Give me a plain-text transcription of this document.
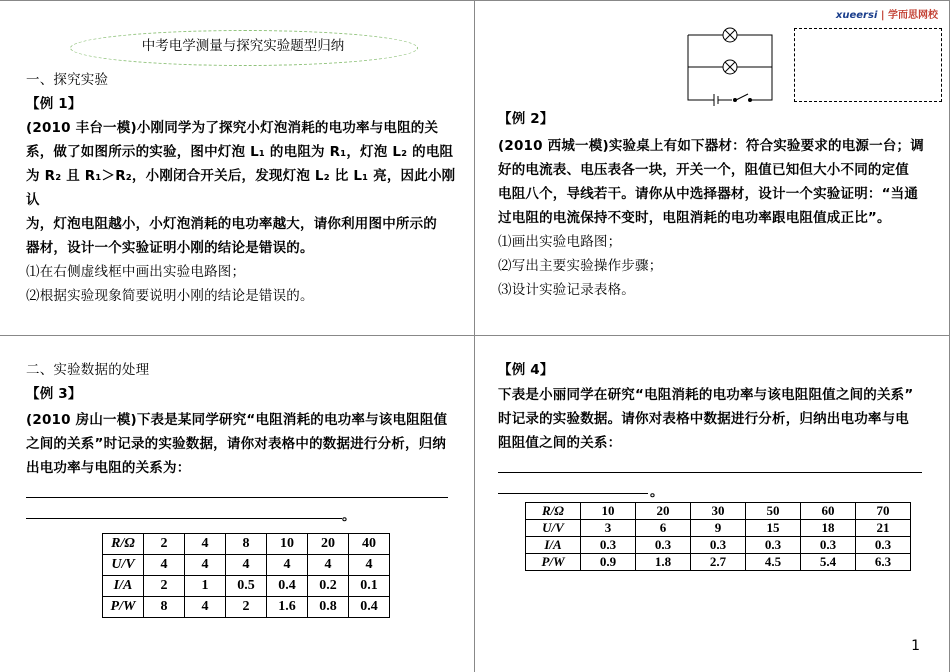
xueersi | 学而思网校
中考电学测量与探究实验题型归纳
一、探究实验
【例 1】
(2010 丰台一模)小刚同学为了探究小灯泡消耗的电功率与电阻的关
系，做了如图所示的实验，图中灯泡 L₁ 的电阻为 R₁，灯泡 L₂ 的电阻
为 R₂ 且 R₁＞R₂，小刚闭合开关后，发现灯泡 L₂ 比 L₁ 亮，因此小刚认
为，灯泡电阻越小，小灯泡消耗的电功率越大，请你利用图中所示的
器材，设计一个实验证明小刚的结论是错误的。
⑴在右侧虚线框中画出实验电路图；
⑵根据实验现象简要说明小刚的结论是错误的。
【例 2】
(2010 西城一模)实验桌上有如下器材：符合实验要求的电源一台；调
好的电流表、电压表各一块，开关一个，阻值已知但大小不同的定值
电阻八个，导线若干。请你从中选择器材，设计一个实验证明：“当通
过电阻的电流保持不变时，电阻消耗的电功率跟电阻值成正比”。
⑴画出实验电路图；
⑵写出主要实验操作步骤；
⑶设计实验记录表格。
二、实验数据的处理
【例 3】
(2010 房山一模)下表是某同学研究“电阻消耗的电功率与该电阻阻值
之间的关系”时记录的实验数据，请你对表格中的数据进行分析，归纳
出电功率与电阻的关系为：
。
R/Ω	2	4	8	10	20	40
U/V	4	4	4	4	4	4
I/A	2	1	0.5	0.4	0.2	0.1
P/W	8	4	2	1.6	0.8	0.4
【例 4】
下表是小丽同学在研究“电阻消耗的电功率与该电阻阻值之间的关系”
时记录的实验数据。请你对表格中数据进行分析，归纳出电功率与电
阻阻值之间的关系：
。
R/Ω	10	20	30	50	60	70
U/V	3	6	9	15	18	21
I/A	0.3	0.3	0.3	0.3	0.3	0.3
P/W	0.9	1.8	2.7	4.5	5.4	6.3
1
